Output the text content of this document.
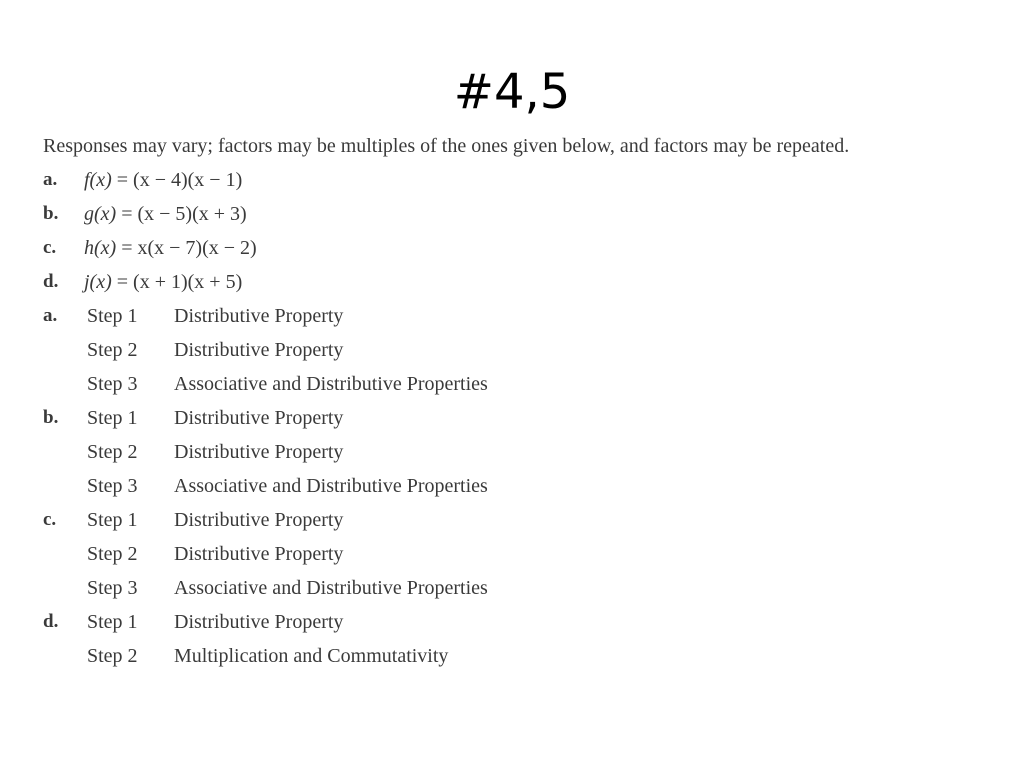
#4,5

Responses may vary; factors may be multiples of the ones given below, and factors may be repeated.

a. f(x) = (x − 4)(x − 1)
b. g(x) = (x − 5)(x + 3)
c. h(x) = x(x − 7)(x − 2)
d. j(x) = (x + 1)(x + 5)
a. Step 1 Distributive Property
Step 2 Distributive Property
Step 3 Associative and Distributive Properties
b. Step 1 Distributive Property
Step 2 Distributive Property
Step 3 Associative and Distributive Properties
c. Step 1 Distributive Property
Step 2 Distributive Property
Step 3 Associative and Distributive Properties
d. Step 1 Distributive Property
Step 2 Multiplication and Commutativity
